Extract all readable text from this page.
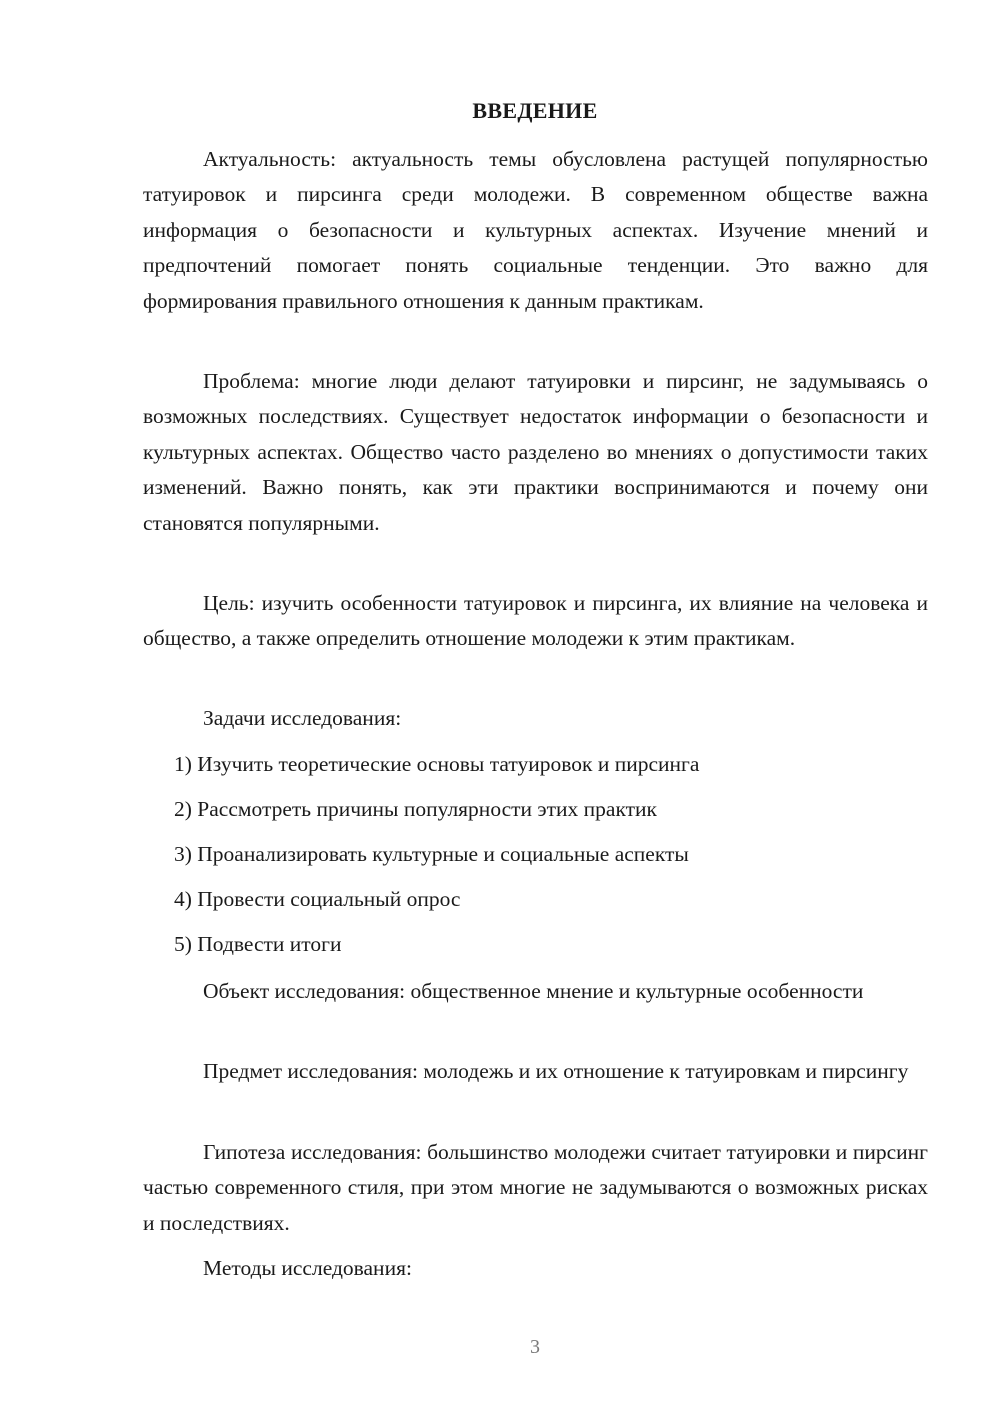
ВВЕДЕНИЕ
Актуальность: актуальность темы обусловлена растущей популярностью татуировок и пирсинга среди молодежи. В современном обществе важна информация о безопасности и культурных аспектах. Изучение мнений и предпочтений помогает понять социальные тенденции. Это важно для формирования правильного отношения к данным практикам.
Проблема: многие люди делают татуировки и пирсинг, не задумываясь о возможных последствиях. Существует недостаток информации о безопасности и культурных аспектах. Общество часто разделено во мнениях о допустимости таких изменений. Важно понять, как эти практики воспринимаются и почему они становятся популярными.
Цель: изучить особенности татуировок и пирсинга, их влияние на человека и общество, а также определить отношение молодежи к этим практикам.
Задачи исследования:
1) Изучить теоретические основы татуировок и пирсинга
2) Рассмотреть причины популярности этих практик
3) Проанализировать культурные и социальные аспекты
4) Провести социальный опрос
5) Подвести итоги
Объект исследования: общественное мнение и культурные особенности
Предмет исследования: молодежь и их отношение к татуировкам и пирсингу
Гипотеза исследования: большинство молодежи считает татуировки и пирсинг частью современного стиля, при этом многие не задумываются о возможных рисках и последствиях.
Методы исследования:
3
